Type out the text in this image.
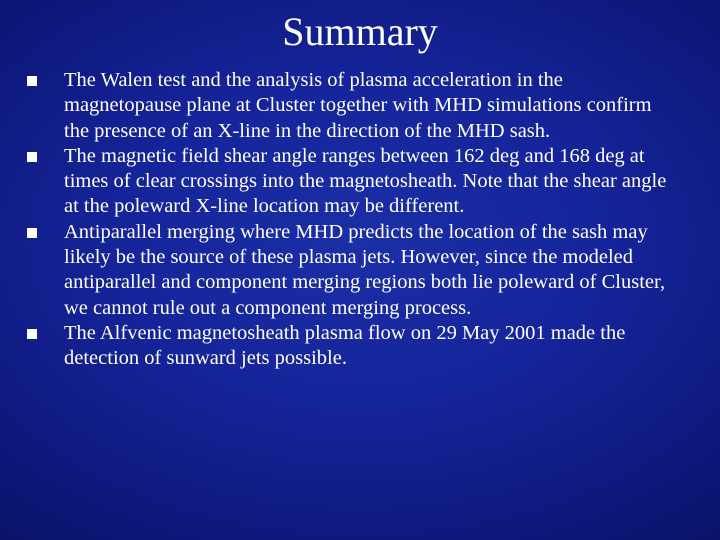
Summary
The Walen test and the analysis of plasma acceleration in the magnetopause plane at Cluster together with MHD simulations confirm the presence of an X-line in the direction of the MHD sash.
The magnetic field shear angle ranges between 162 deg and 168 deg at times of clear crossings into the magnetosheath. Note that the shear angle at the poleward X-line location may be different.
Antiparallel merging where MHD predicts the location of the sash may likely be the source of these plasma jets. However, since the modeled antiparallel and component merging regions both lie poleward of Cluster, we cannot rule out a component merging process.
The Alfvenic magnetosheath plasma flow on 29 May 2001 made the detection of sunward jets possible.
